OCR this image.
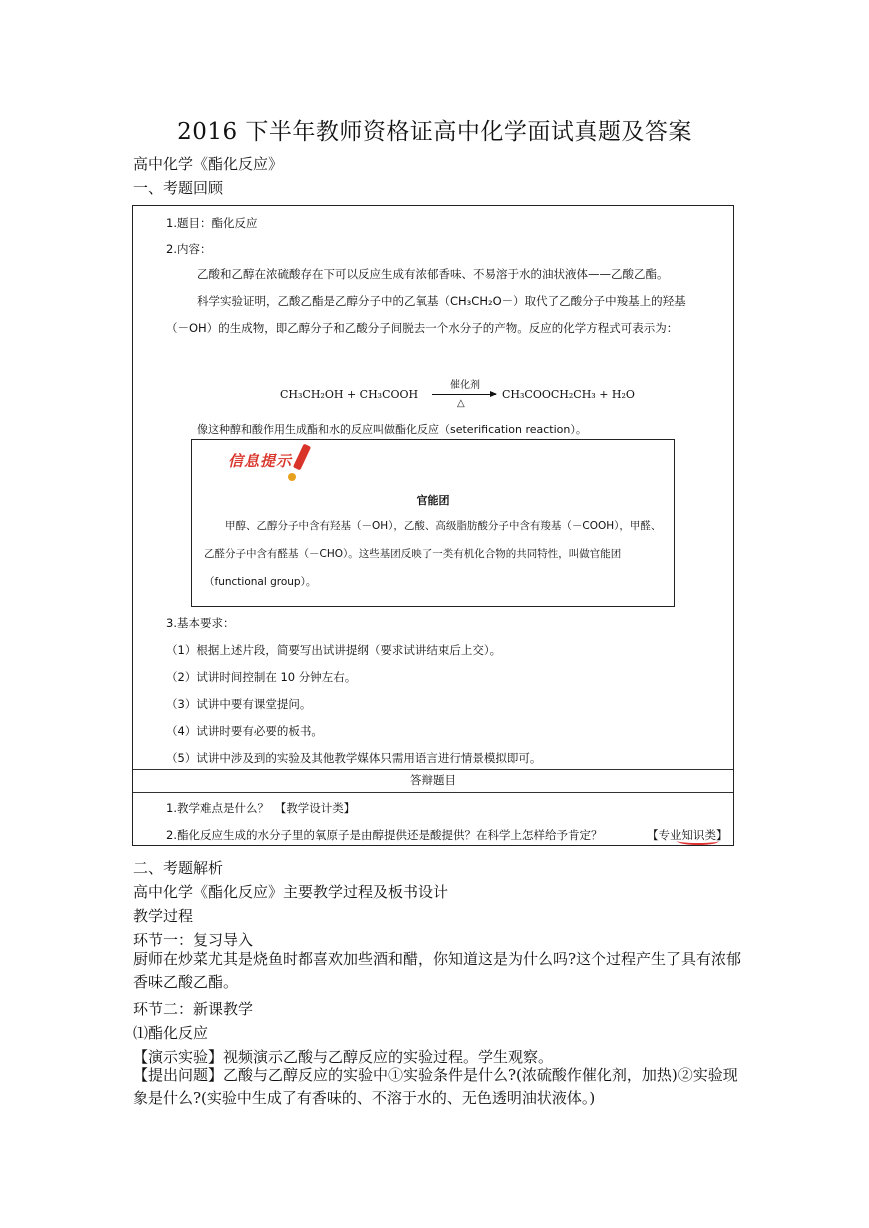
2016 下半年教师资格证高中化学面试真题及答案
高中化学《酯化反应》
一、考题回顾
1.题目：酯化反应
2.内容：
乙酸和乙醇在浓硫酸存在下可以反应生成有浓郁香味、不易溶于水的油状液体——乙酸乙酯。
科学实验证明，乙酸乙酯是乙醇分子中的乙氧基（CH₃CH₂O－）取代了乙酸分子中羧基上的羟基（－OH）的生成物，即乙醇分子和乙酸分子间脱去一个水分子的产物。反应的化学方程式可表示为：
CH₃CH₂OH + CH₃COOH
催化剂
△
CH₃COOCH₂CH₃ + H₂O
像这种醇和酸作用生成酯和水的反应叫做酯化反应（seterification reaction）。
信息提示
官能团
甲醇、乙醇分子中含有羟基（－OH），乙酸、高级脂肪酸分子中含有羧基（－COOH），甲醛、乙醛分子中含有醛基（－CHO）。这些基团反映了一类有机化合物的共同特性，叫做官能团（functional group）。
3.基本要求：
（1）根据上述片段，简要写出试讲提纲（要求试讲结束后上交）。
（2）试讲时间控制在 10 分钟左右。
（3）试讲中要有课堂提问。
（4）试讲时要有必要的板书。
（5）试讲中涉及到的实验及其他教学媒体只需用语言进行情景模拟即可。
答辩题目
1.教学难点是什么？　【教学设计类】
2.酯化反应生成的水分子里的氧原子是由醇提供还是酸提供？在科学上怎样给予肯定？	【专业知识类】
二、考题解析
高中化学《酯化反应》主要教学过程及板书设计
教学过程
环节一：复习导入
厨师在炒菜尤其是烧鱼时都喜欢加些酒和醋，你知道这是为什么吗?这个过程产生了具有浓郁香味乙酸乙酯。
环节二：新课教学
⑴酯化反应
【演示实验】视频演示乙酸与乙醇反应的实验过程。学生观察。
【提出问题】乙酸与乙醇反应的实验中①实验条件是什么?(浓硫酸作催化剂，加热)②实验现象是什么?(实验中生成了有香味的、不溶于水的、无色透明油状液体。)
